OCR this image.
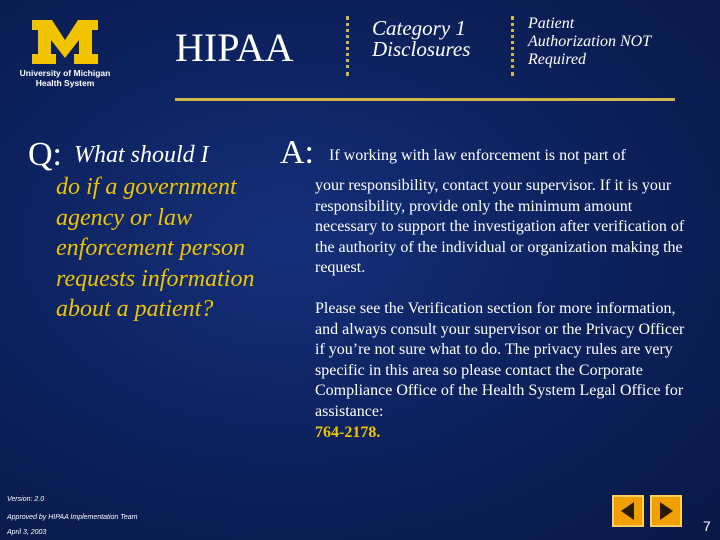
University of Michigan
Health System
HIPAA	Category 1
Disclosures
Patient
Authorization NOT
Required
Q: What should I
do if a government agency or law enforcement person requests information about a patient?
A: If working with law enforcement is not part of

your responsibility, contact your supervisor. If it is your responsibility, provide only the minimum amount necessary to support the investigation after verification of the authority of the individual or organization making the request.

Please see the Verification section for more information, and always consult your supervisor or the Privacy Officer if you’re not sure what to do. The privacy rules are very specific in this area so please contact the Corporate Compliance Office of the Health System Legal Office for assistance:
764-2178.

Version: 2.0
Approved by HIPAA Implementation Team
April 3, 2003	7
